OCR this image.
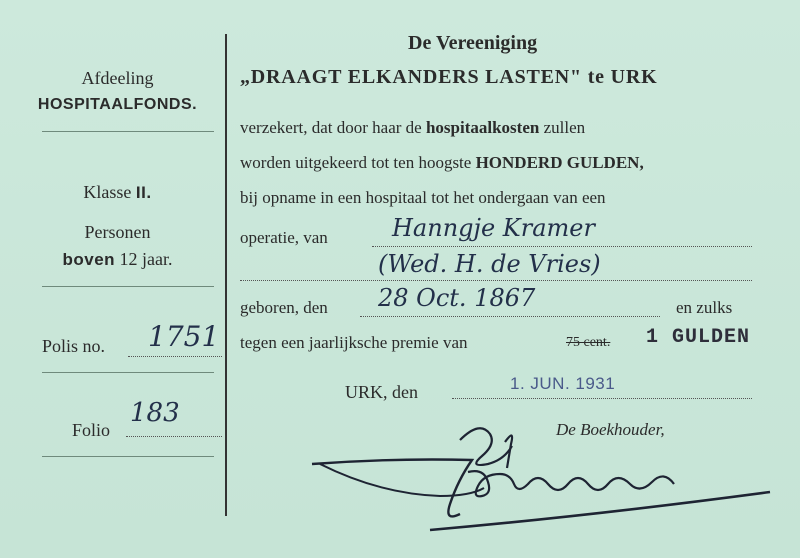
Afdeeling
HOSPITAALFONDS.
Klasse II.
Personen
boven 12 jaar.
Polis no. 1751
Folio
183
De Vereeniging
„DRAAGT ELKANDERS LASTEN" te URK
verzekert, dat door haar de hospitaalkosten zullen
worden uitgekeerd tot ten hoogste HONDERD GULDEN,
bij opname in een hospitaal tot het ondergaan van een
operatie, van	Hanngje Kramer
(Wed. H. de Vries)
geboren, den 28 Oct. 1867	en zulks
tegen een jaarlijksche premie van	75 cent. 1 GULDEN
URK, den	1. JUN. 1931
De Boekhouder,
